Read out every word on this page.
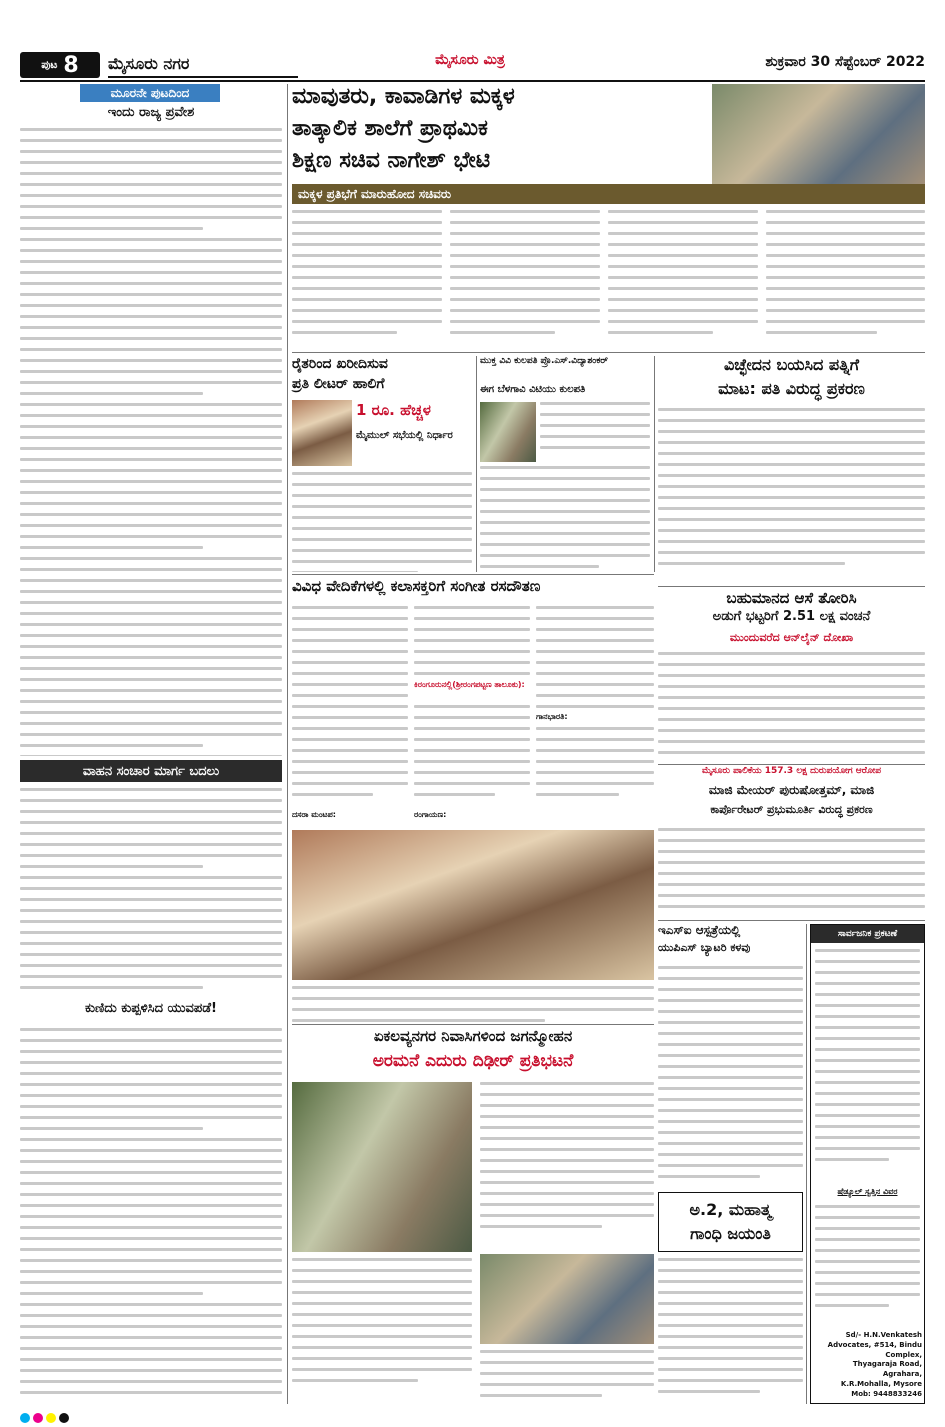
ಪುಟ 8 ಮೈಸೂರು ನಗರ	ಮೈಸೂರು ಮಿತ್ರ	ಶುಕ್ರವಾರ 30 ಸೆಪ್ಟೆಂಬರ್ 2022
ಮೂರನೇ ಪುಟದಿಂದ
ಇಂದು ರಾಜ್ಯ ಪ್ರವೇಶ
ವಾಹನ ಸಂಚಾರ ಮಾರ್ಗ ಬದಲು
ಕುಣಿದು ಕುಪ್ಪಳಿಸಿದ ಯುವಪಡೆ!
ಮಾವುತರು, ಕಾವಾಡಿಗಳ ಮಕ್ಕಳ
ತಾತ್ಕಾಲಿಕ ಶಾಲೆಗೆ ಪ್ರಾಥಮಿಕ
ಶಿಕ್ಷಣ ಸಚಿವ ನಾಗೇಶ್ ಭೇಟಿ
ಮಕ್ಕಳ ಪ್ರತಿಭೆಗೆ ಮಾರುಹೋದ ಸಚಿವರು
ರೈತರಿಂದ ಖರೀದಿಸುವ
ಪ್ರತಿ ಲೀಟರ್ ಹಾಲಿಗೆ
1 ರೂ. ಹೆಚ್ಚಳ
ಮೈಮುಲ್ ಸಭೆಯಲ್ಲಿ ನಿರ್ಧಾರ
ಮುಕ್ತ ವಿವಿ ಕುಲಪತಿ ಪ್ರೊ.ಎಸ್.ವಿದ್ಯಾಶಂಕರ್
ಈಗ ಬೆಳಗಾವಿ ವಿಟಿಯು ಕುಲಪತಿ
ವಿಚ್ಛೇದನ ಬಯಸಿದ ಪತ್ನಿಗೆ
ಮಾಟ: ಪತಿ ವಿರುದ್ಧ ಪ್ರಕರಣ
ವಿವಿಧ ವೇದಿಕೆಗಳಲ್ಲಿ ಕಲಾಸಕ್ತರಿಗೆ ಸಂಗೀತ ರಸದೌತಣ
ಕಿರಂಗೂರುನಲ್ಲಿ(ಶ್ರೀರಂಗಪಟ್ಟಣ ತಾಲೂಕು):
ರಂಗಾಯಣ:
ಗಾನಭಾರತಿ:
ದಸರಾ ಮಂಟಪ:
ಬಹುಮಾನದ ಆಸೆ ತೋರಿಸಿ
ಅಡುಗೆ ಭಟ್ಟರಿಗೆ 2.51 ಲಕ್ಷ ವಂಚನೆ
ಮುಂದುವರೆದ ಆನ್‌ಲೈನ್ ದೋಖಾ
ಮೈಸೂರು ಪಾಲಿಕೆಯ 157.3 ಲಕ್ಷ ದುರುಪಯೋಗ ಆರೋಪ
ಮಾಜಿ ಮೇಯರ್ ಪುರುಷೋತ್ತಮ್, ಮಾಜಿ
ಕಾರ್ಪೊರೇಟರ್ ಪ್ರಭುಮೂರ್ತಿ ವಿರುದ್ಧ ಪ್ರಕರಣ
ಇಎಸ್‌ಐ ಆಸ್ಪತ್ರೆಯಲ್ಲಿ
ಯುಪಿಎಸ್ ಬ್ಯಾಟರಿ ಕಳವು
ಅ.2, ಮಹಾತ್ಮ
ಗಾಂಧಿ ಜಯಂತಿ
ಸಾರ್ವಜನಿಕ ಪ್ರಕಟಣೆ
ಷೆಡ್ಯೂಲ್ ಸ್ವತ್ತಿನ ವಿವರ
Sd/- H.N.Venkatesh
Advocates, #514, Bindu Complex,
Thyagaraja Road, Agrahara,
K.R.Mohalla, Mysore
Mob: 9448833246
ಏಕಲವ್ಯನಗರ ನಿವಾಸಿಗಳಿಂದ ಜಗನ್ಮೋಹನ
ಅರಮನೆ ಎದುರು ದಿಢೀರ್ ಪ್ರತಿಭಟನೆ
